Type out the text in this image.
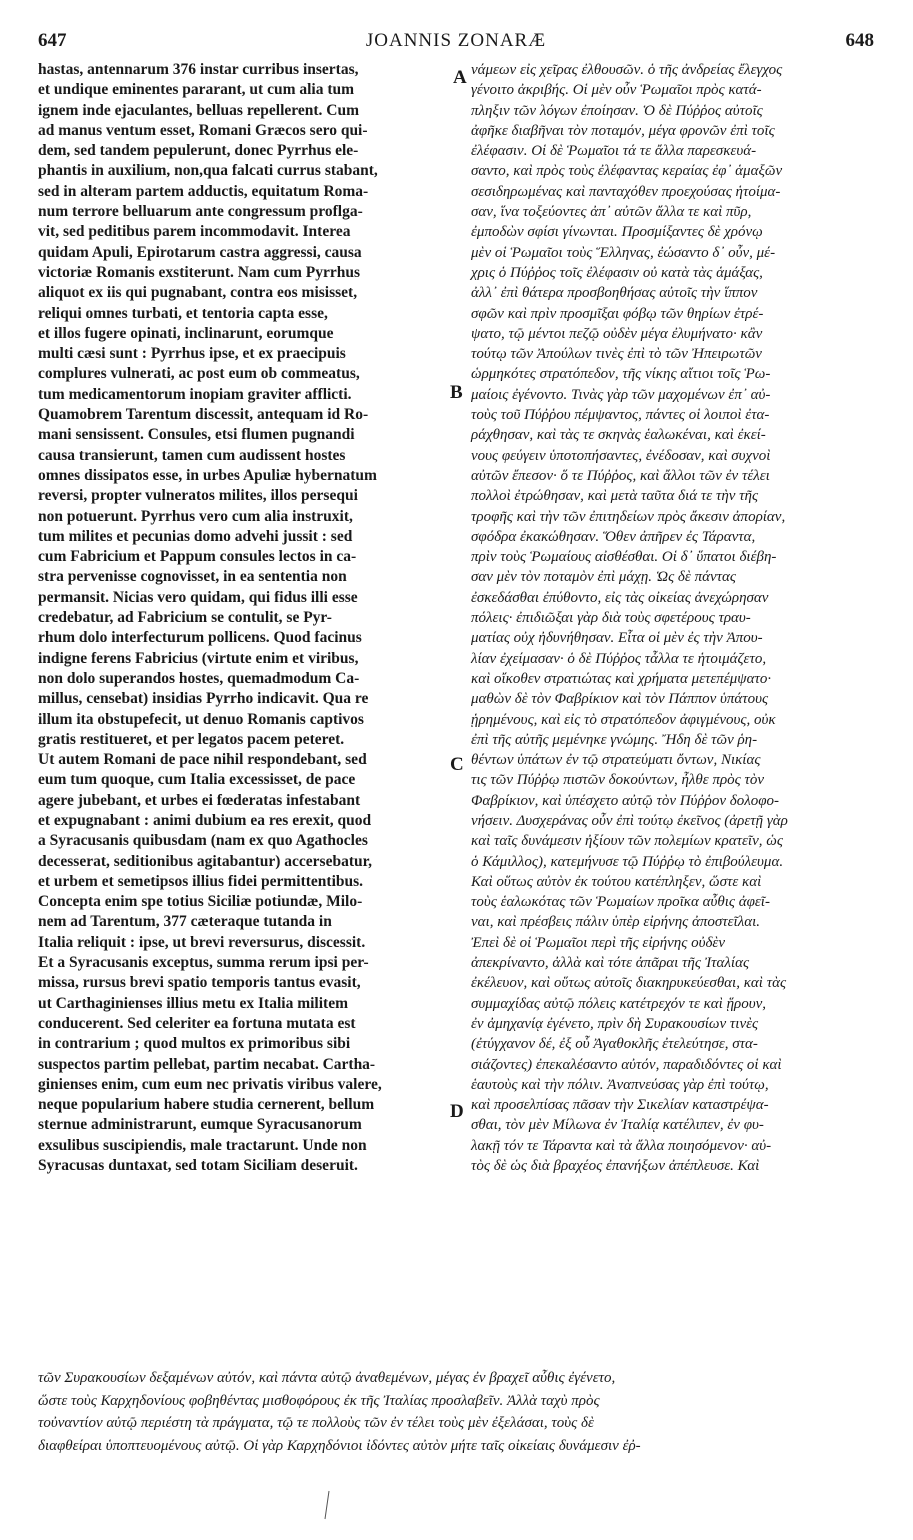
647	JOANNIS ZONARÆ	648
hastas, antennarum 376 instar curribus insertas,
et undique eminentes pararant, ut cum alia tum
ignem inde ejaculantes, belluas repellerent. Cum
ad manus ventum esset, Romani Græcos sero qui-
dem, sed tandem pepulerunt, donec Pyrrhus ele-
phantis in auxilium, non,qua falcati currus stabant,
sed in alteram partem adductis, equitatum Roma-
num terrore belluarum ante congressum proflga-
vit, sed peditibus parem incommodavit. Interea
quidam Apuli, Epirotarum castra aggressi, causa
victoriæ Romanis exstiterunt. Nam cum Pyrrhus
aliquot ex iis qui pugnabant, contra eos misisset,
reliqui omnes turbati, et tentoria capta esse,
et illos fugere opinati, inclinarunt, eorumque
multi cæsi sunt : Pyrrhus ipse, et ex praecipuis
complures vulnerati, ac post eum ob commeatus,
tum medicamentorum inopiam graviter afflicti.
Quamobrem Tarentum discessit, antequam id Ro-
mani sensissent. Consules, etsi flumen pugnandi
causa transierunt, tamen cum audissent hostes
omnes dissipatos esse, in urbes Apuliæ hybernatum
reversi, propter vulneratos milites, illos persequi
non potuerunt. Pyrrhus vero cum alia instruxit,
tum milites et pecunias domo advehi jussit : sed
cum Fabricium et Pappum consules lectos in ca-
stra pervenisse cognovisset, in ea sententia non
permansit. Nicias vero quidam, qui fidus illi esse
credebatur, ad Fabricium se contulit, se Pyr-
rhum dolo interfecturum pollicens. Quod facinus
indigne ferens Fabricius (virtute enim et viribus,
non dolo superandos hostes, quemadmodum Ca-
millus, censebat) insidias Pyrrho indicavit. Qua re
illum ita obstupefecit, ut denuo Romanis captivos
gratis restitueret, et per legatos pacem peteret.
Ut autem Romani de pace nihil respondebant, sed
eum tum quoque, cum Italia excessisset, de pace
agere jubebant, et urbes ei fœderatas infestabant
et expugnabant : animi dubium ea res erexit, quod
a Syracusanis quibusdam (nam ex quo Agathocles
decesserat, seditionibus agitabantur) accersebatur,
et urbem et semetipsos illius fidei permittentibus.
Concepta enim spe totius Siciliæ potiundæ, Milo-
nem ad Tarentum, 377 cæteraque tutanda in
Italia reliquit : ipse, ut brevi reversurus, discessit.
Et a Syracusanis exceptus, summa rerum ipsi per-
missa, rursus brevi spatio temporis tantus evasit,
ut Carthaginienses illius metu ex Italia militem
conducerent. Sed celeriter ea fortuna mutata est
in contrarium ; quod multos ex primoribus sibi
suspectos partim pellebat, partim necabat. Cartha-
ginienses enim, cum eum nec privatis viribus valere,
neque popularium habere studia cernerent, bellum
sternue administrarunt, eumque Syracusanorum
exsulibus suscipiendis, male tractarunt. Unde non
Syracusas duntaxat, sed totam Siciliam deseruit.
νάμεων εἰς χεῖρας ἐλθουσῶν. ὁ τῆς ἀνδρείας ἔλεγχος
γένοιτο ἀκριβής. Οἱ μὲν οὖν Ῥωμαῖοι πρὸς κατά-
πληξιν τῶν λόγων ἐποίησαν. Ὁ δὲ Πύῤῥος αὐτοῖς
ἀφῆκε διαβῆναι τὸν ποταμόν, μέγα φρονῶν ἐπὶ τοῖς
ἐλέφασιν. Οἱ δὲ Ῥωμαῖοι τά τε ἄλλα παρεσκευά-
σαντο, καὶ πρὸς τοὺς ἐλέφαντας κεραίας ἐφ᾽ ἁμαξῶν
σεσιδηρωμένας καὶ πανταχόθεν προεχούσας ἡτοίμα-
σαν, ἵνα τοξεύοντες ἀπ᾽ αὐτῶν ἄλλα τε καὶ πῦρ,
ἐμποδὼν σφίσι γίνωνται. Προσμίξαντες δὲ χρόνῳ
μὲν οἱ Ῥωμαῖοι τοὺς Ἕλληνας, ἐώσαντο δ᾽ οὖν, μέ-
χρις ὁ Πύῤῥος τοῖς ἐλέφασιν οὐ κατὰ τὰς ἁμάξας,
ἀλλ᾽ ἐπὶ θάτερα προσβοηθήσας αὐτοῖς τὴν ἵππον
σφῶν καὶ πρὶν προσμῖξαι φόβῳ τῶν θηρίων ἐτρέ-
ψατο, τῷ μέντοι πεζῷ οὐδὲν μέγα ἐλυμήνατο· κἂν
τούτῳ τῶν Ἀπούλων τινὲς ἐπὶ τὸ τῶν Ἠπειρωτῶν
ὡρμηκότες στρατόπεδον, τῆς νίκης αἴτιοι τοῖς Ῥω-
μαίοις ἐγένοντο. Τινὰς γὰρ τῶν μαχομένων ἐπ᾽ αὐ-
τοὺς τοῦ Πύῤῥου πέμψαντος, πάντες οἱ λοιποὶ ἐτα-
ράχθησαν, καὶ τὰς τε σκηνὰς ἑαλωκέναι, καὶ ἐκεί-
νους φεύγειν ὑποτοπήσαντες, ἐνέδοσαν, καὶ συχνοὶ
αὐτῶν ἔπεσον· ὅ τε Πύῤῥος, καὶ ἄλλοι τῶν ἐν τέλει
πολλοὶ ἐτρώθησαν, καὶ μετὰ ταῦτα διά τε τὴν τῆς
τροφῆς καὶ τὴν τῶν ἐπιτηδείων πρὸς ἄκεσιν ἀπορίαν,
σφόδρα ἐκακώθησαν. Ὅθεν ἀπῆρεν ἐς Τάραντα,
πρὶν τοὺς Ῥωμαίους αἰσθέσθαι. Οἱ δ᾽ ὕπατοι διέβη-
σαν μὲν τὸν ποταμὸν ἐπὶ μάχῃ. Ὡς δὲ πάντας
ἐσκεδάσθαι ἐπύθοντο, εἰς τὰς οἰκείας ἀνεχώρησαν
πόλεις· ἐπιδιῶξαι γὰρ διὰ τοὺς σφετέρους τραυ-
ματίας οὐχ ἠδυνήθησαν. Εἶτα οἱ μὲν ἐς τὴν Ἀπου-
λίαν ἐχείμασαν· ὁ δὲ Πύῤῥος τἆλλα τε ἡτοιμάζετο,
καὶ οἴκοθεν στρατιώτας καὶ χρήματα μετεπέμψατο·
μαθὼν δὲ τὸν Φαβρίκιον καὶ τὸν Πάππον ὑπάτους
ᾑρημένους, καὶ εἰς τὸ στρατόπεδον ἀφιγμένους, οὐκ
ἐπὶ τῆς αὐτῆς μεμένηκε γνώμης. Ἤδη δὲ τῶν ῥη-
θέντων ὑπάτων ἐν τῷ στρατεύματι ὄντων, Νικίας
τις τῶν Πύῤῥῳ πιστῶν δοκούντων, ἦλθε πρὸς τὸν
Φαβρίκιον, καὶ ὑπέσχετο αὐτῷ τὸν Πύῤῥον δολοφο-
νήσειν. Δυσχεράνας οὖν ἐπὶ τούτῳ ἐκεῖνος (ἀρετῇ γὰρ
καὶ ταῖς δυνάμεσιν ἠξίουν τῶν πολεμίων κρατεῖν, ὡς
ὁ Κάμιλλος), κατεμήνυσε τῷ Πύῤῥῳ τὸ ἐπιβούλευμα.
Καὶ οὕτως αὐτὸν ἐκ τούτου κατέπληξεν, ὥστε καὶ
τοὺς ἑαλωκότας τῶν Ῥωμαίων προῖκα αὖθις ἀφεῖ-
ναι, καὶ πρέσβεις πάλιν ὑπὲρ εἰρήνης ἀποστεῖλαι.
Ἐπεὶ δὲ οἱ Ῥωμαῖοι περὶ τῆς εἰρήνης οὐδὲν
ἀπεκρίναντο, ἀλλὰ καὶ τότε ἀπᾶραι τῆς Ἰταλίας
ἐκέλευον, καὶ οὕτως αὐτοῖς διακηρυκεύεσθαι, καὶ τὰς
συμμαχίδας αὐτῷ πόλεις κατέτρεχόν τε καὶ ᾕρουν,
ἐν ἀμηχανίᾳ ἐγένετο, πρὶν δὴ Συρακουσίων τινὲς
(ἐτύγχανον δέ, ἐξ οὗ Ἀγαθοκλῆς ἐτελεύτησε, στα-
σιάζοντες) ἐπεκαλέσαντο αὐτόν, παραδιδόντες οἱ καὶ
ἑαυτοὺς καὶ τὴν πόλιν. Ἀναπνεύσας γὰρ ἐπὶ τούτῳ,
καὶ προσελπίσας πᾶσαν τὴν Σικελίαν καταστρέψα-
σθαι, τὸν μὲν Μίλωνα ἐν Ἰταλίᾳ κατέλιπεν, ἐν φυ-
λακῇ τόν τε Τάραντα καὶ τὰ ἄλλα ποιησόμενον· αὐ-
τὸς δὲ ὡς διὰ βραχέος ἐπανήξων ἀπέπλευσε. Καὶ
A
B
C
D
τῶν Συρακουσίων δεξαμένων αὐτόν, καὶ πάντα αὐτῷ ἀναθεμένων, μέγας ἐν βραχεῖ αὖθις ἐγένετο,
ὥστε τοὺς Καρχηδονίους φοβηθέντας μισθοφόρους ἐκ τῆς Ἰταλίας προσλαβεῖν. Ἀλλὰ ταχὺ πρὸς
τοὐναντίον αὐτῷ περιέστη τὰ πράγματα, τῷ τε πολλοὺς τῶν ἐν τέλει τοὺς μὲν ἐξελάσαι, τοὺς δὲ
διαφθείραι ὑποπτευομένους αὐτῷ. Οἱ γὰρ Καρχηδόνιοι ἰδόντες αὐτὸν μήτε ταῖς οἰκείαις δυνάμεσιν ἐῤ-
